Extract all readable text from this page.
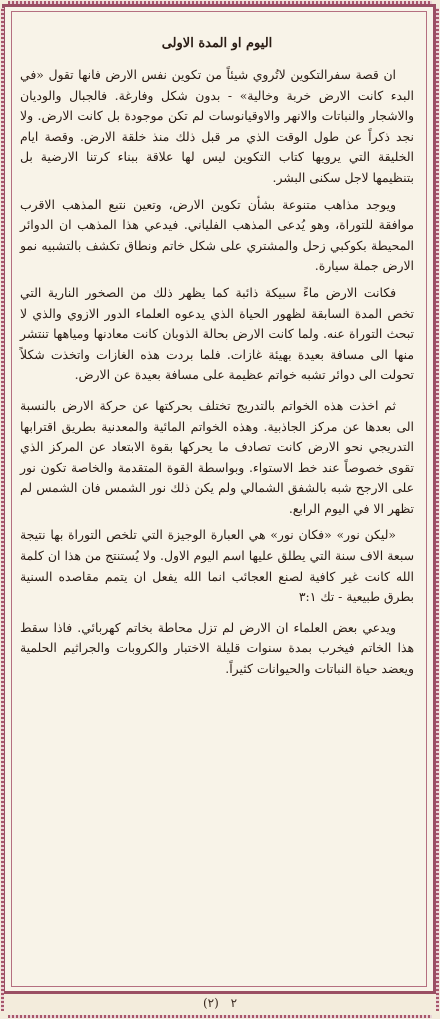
اليوم او المدة الاولى

ان قصة سفرالتكوين لاتُروي شيئاً من تكوين نفس الارض فانها تقول «في البدء كانت الارض خربة وخالية» - بدون شكل وفارغة. فالجبال والوديان والاشجار والنباتات والانهر والاوقيانوسات لم تكن موجودة بل كانت الارض. ولا نجد ذكراً عن طول الوقت الذي مر قبل ذلك منذ خلقة الارض. وقصة ايام الخليقة التي يرويها كتاب التكوين ليس لها علاقة ببناء كرتنا الارضية بل بتنظيمها لاجل سكنى البشر.

ويوجد مذاهب متنوعة بشأن تكوين الارض، وتعين نتبع المذهب الاقرب موافقة للتوراة، وهو يُدعى المذهب الفلياني. فيدعي هذا المذهب ان الدوائر المحيطة بكوكبي زحل والمشتري على شكل خاتم ونطاق تكشف بالتشبيه نمو الارض جملة سيارة.

فكانت الارض ماءً سبيكة ذائبة كما يظهر ذلك من الصخور النارية التي تخص المدة السابقة لظهور الحياة الذي يدعوه العلماء الدور الازوي والذي لا تبحث التوراة عنه. ولما كانت الارض بحالة الذوبان كانت معادنها ومياهها تنتشر منها الى مسافة بعيدة بهيئة غازات. فلما بردت هذه الغازات واتخذت شكلاً تحولت الى دوائر تشبه خواتم عظيمة على مسافة بعيدة عن الارض.

ثم اخذت هذه الخواتم بالتدريج تختلف بحركتها عن حركة الارض بالنسبة الى بعدها عن مركز الجاذبية. وهذه الخواتم المائية والمعدنية بطريق اقترابها التدريجي نحو الارض كانت تصادف ما يحركها بقوة الابتعاد عن المركز الذي تقوى خصوصاً عند خط الاستواء. وبواسطة القوة المتقدمة والخاصة تكون نور على الارجح شبه بالشفق الشمالي ولم يكن ذلك نور الشمس فان الشمس لم تظهر الا في اليوم الرابع.

«ليكن نور» «فكان نور» هي العبارة الوجيزة التي تلخص التوراة بها نتيجة سبعة الاف سنة التي يطلق عليها اسم اليوم الاول. ولا يُستنتج من هذا ان كلمة الله كانت غير كافية لصنع العجائب انما الله يفعل ان يتمم مقاصده السنية بطرق طبيعية - تك ٣:١

ويدعي بعض العلماء ان الارض لم تزل محاطة بخاتم كهربائي. فاذا سقط هذا الخاتم فيخرب بمدة سنوات قليلة الاختبار والكروبات والجراثيم الحلمية ويعضد حياة النباتات والحيوانات كثيراً.

٢ (٢)
